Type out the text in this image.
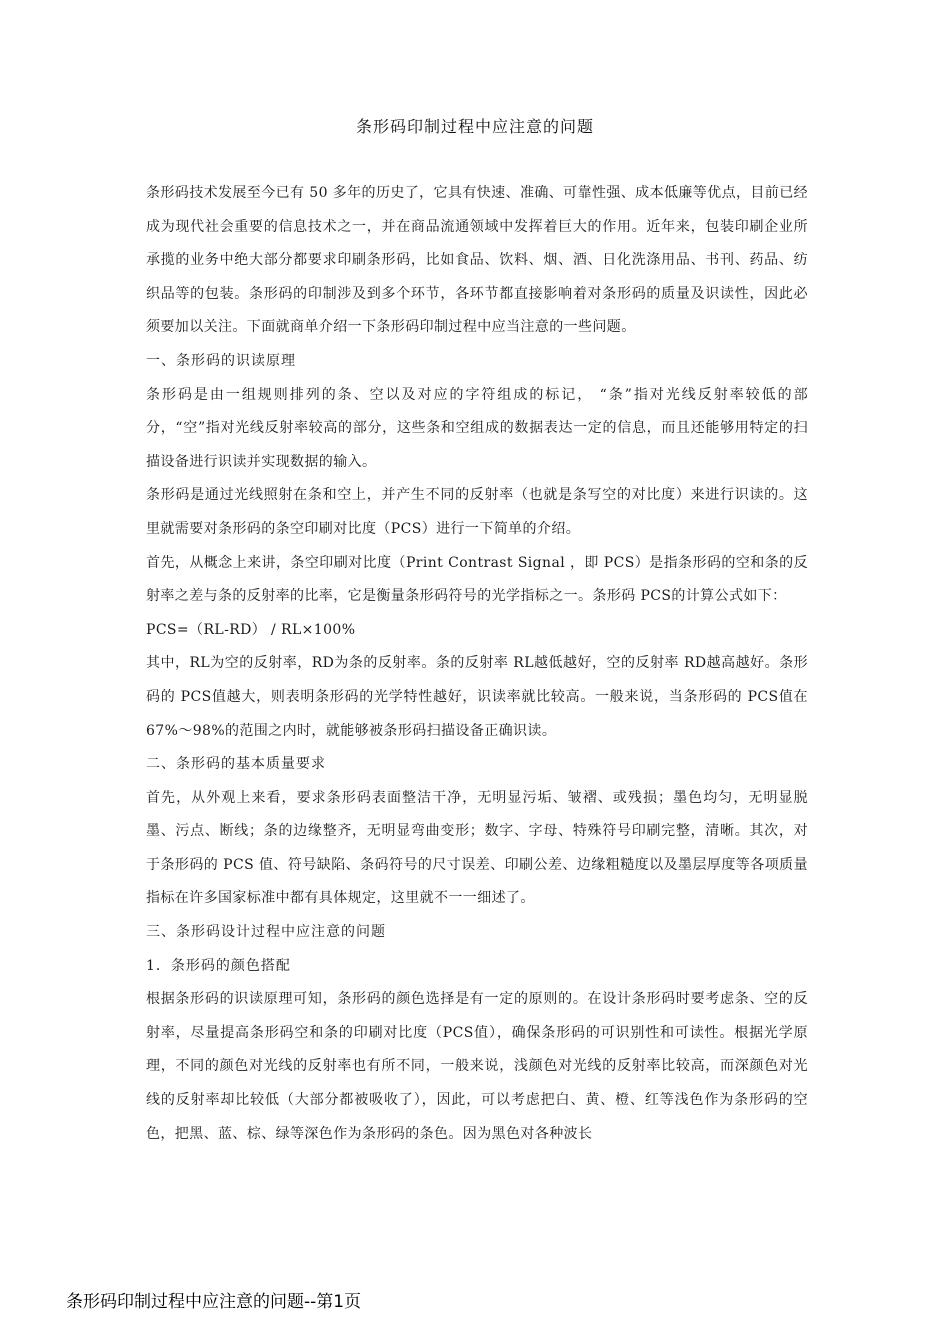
条形码印制过程中应注意的问题

条形码技术发展至今已有 50 多年的历史了，它具有快速、准确、可靠性强、成本低廉等优点，目前已经成为现代社会重要的信息技术之一，并在商品流通领域中发挥着巨大的作用。近年来，包装印刷企业所承揽的业务中绝大部分都要求印刷条形码，比如食品、饮料、烟、酒、日化洗涤用品、书刊、药品、纺织品等的包装。条形码的印制涉及到多个环节，各环节都直接影响着对条形码的质量及识读性，因此必须要加以关注。下面就商单介绍一下条形码印制过程中应当注意的一些问题。

一、条形码的识读原理

条形码是由一组规则排列的条、空以及对应的字符组成的标记， “条”指对光线反射率较低的部分，“空”指对光线反射率较高的部分，这些条和空组成的数据表达一定的信息，而且还能够用特定的扫描设备进行识读并实现数据的输入。

条形码是通过光线照射在条和空上，并产生不同的反射率（也就是条写空的对比度）来进行识读的。这里就需要对条形码的条空印刷对比度（PCS）进行一下简单的介绍。

首先，从概念上来讲，条空印刷对比度（Print Contrast Signal ，即 PCS）是指条形码的空和条的反射率之差与条的反射率的比率，它是衡量条形码符号的光学指标之一。条形码 PCS的计算公式如下：

PCS=（RL-RD） / RL×100%

其中，RL为空的反射率，RD为条的反射率。条的反射率 RL越低越好，空的反射率 RD越高越好。条形码的 PCS值越大，则表明条形码的光学特性越好，识读率就比较高。一般来说，当条形码的 PCS值在 67%～98%的范围之内时，就能够被条形码扫描设备正确识读。

二、条形码的基本质量要求

首先，从外观上来看，要求条形码表面整洁干净，无明显污垢、皱褶、或残损；墨色均匀，无明显脱墨、污点、断线；条的边缘整齐，无明显弯曲变形；数字、字母、特殊符号印刷完整，清晰。其次，对于条形码的 PCS 值、符号缺陷、条码符号的尺寸误差、印刷公差、边缘粗糙度以及墨层厚度等各项质量指标在许多国家标准中都有具体规定，这里就不一一细述了。

三、条形码设计过程中应注意的问题

1．条形码的颜色搭配

根据条形码的识读原理可知，条形码的颜色选择是有一定的原则的。在设计条形码时要考虑条、空的反射率，尽量提高条形码空和条的印刷对比度（PCS值），确保条形码的可识别性和可读性。根据光学原理，不同的颜色对光线的反射率也有所不同，一般来说，浅颜色对光线的反射率比较高，而深颜色对光线的反射率却比较低（大部分都被吸收了），因此，可以考虑把白、黄、橙、红等浅色作为条形码的空色，把黑、蓝、棕、绿等深色作为条形码的条色。因为黑色对各种波长

条形码印制过程中应注意的问题--第1页
